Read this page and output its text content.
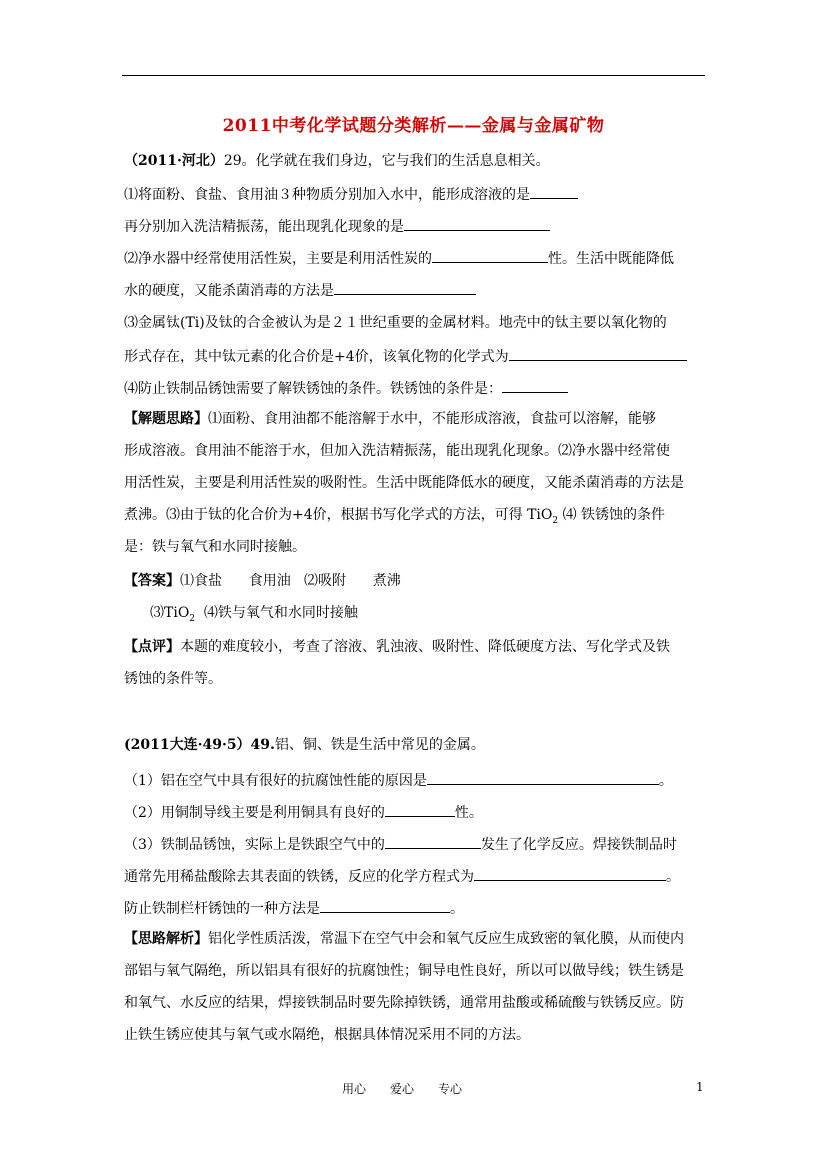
2011中考化学试题分类解析——金属与金属矿物
（2011·河北）29。化学就在我们身边，它与我们的生活息息相关。
⑴将面粉、食盐、食用油３种物质分别加入水中，能形成溶液的是
再分别加入洗洁精振荡，能出现乳化现象的是
⑵净水器中经常使用活性炭，主要是利用活性炭的	性。生活中既能降低
水的硬度，又能杀菌消毒的方法是
⑶金属钛(Ti)及钛的合金被认为是２１世纪重要的金属材料。地壳中的钛主要以氧化物的
形式存在，其中钛元素的化合价是+4价，该氧化物的化学式为
⑷防止铁制品锈蚀需要了解铁锈蚀的条件。铁锈蚀的条件是：
【解题思路】⑴面粉、食用油都不能溶解于水中，不能形成溶液，食盐可以溶解，能够
形成溶液。食用油不能溶于水，但加入洗洁精振荡，能出现乳化现象。⑵净水器中经常使
用活性炭，主要是利用活性炭的吸附性。生活中既能降低水的硬度，又能杀菌消毒的方法是
煮沸。⑶由于钛的化合价为+4价，根据书写化学式的方法，可得 TiO$_2$ ⑷ 铁锈蚀的条件
是：铁与氧气和水同时接触。
【答案】⑴食盐      食用油   ⑵吸附      煮沸
⑶TiO$_2$  ⑷铁与氧气和水同时接触
【点评】本题的难度较小，考查了溶液、乳浊液、吸附性、降低硬度方法、写化学式及铁
锈蚀的条件等。
(2011大连·49·5）49.铝、铜、铁是生活中常见的金属。
（1）铝在空气中具有很好的抗腐蚀性能的原因是	。
（2）用铜制导线主要是利用铜具有良好的	性。
（3）铁制品锈蚀，实际上是铁跟空气中的	发生了化学反应。焊接铁制品时
通常先用稀盐酸除去其表面的铁锈，反应的化学方程式为	。
防止铁制栏杆锈蚀的一种方法是	。
【思路解析】铝化学性质活泼，常温下在空气中会和氧气反应生成致密的氧化膜，从而使内
部铝与氧气隔绝，所以铝具有很好的抗腐蚀性；铜导电性良好，所以可以做导线；铁生锈是
和氧气、水反应的结果，焊接铁制品时要先除掉铁锈，通常用盐酸或稀硫酸与铁锈反应。防
止铁生锈应使其与氧气或水隔绝，根据具体情况采用不同的方法。
用心 爱心 专心	1
